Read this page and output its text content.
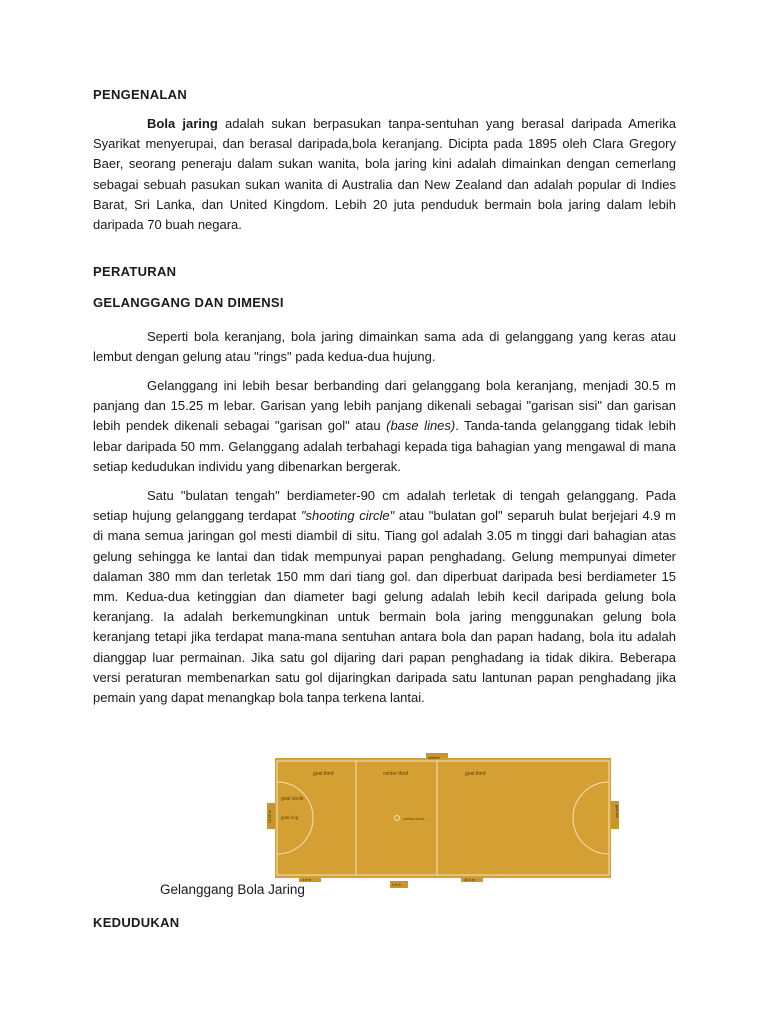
PENGENALAN

Bola jaring adalah sukan berpasukan tanpa-sentuhan yang berasal daripada Amerika Syarikat menyerupai, dan berasal daripada,bola keranjang. Dicipta pada 1895 oleh Clara Gregory Baer, seorang peneraju dalam sukan wanita, bola jaring kini adalah dimainkan dengan cemerlang sebagai sebuah pasukan sukan wanita di Australia dan New Zealand dan adalah popular di Indies Barat, Sri Lanka, dan United Kingdom. Lebih 20 juta penduduk bermain bola jaring dalam lebih daripada 70 buah negara.

PERATURAN
GELANGGANG DAN DIMENSI

Seperti bola keranjang, bola jaring dimainkan sama ada di gelanggang yang keras atau lembut dengan gelung atau "rings" pada kedua-dua hujung.

Gelanggang ini lebih besar berbanding dari gelanggang bola keranjang, menjadi 30.5 m panjang dan 15.25 m lebar. Garisan yang lebih panjang dikenali sebagai "garisan sisi" dan garisan lebih pendek dikenali sebagai "garisan gol" atau (base lines). Tanda-tanda gelanggang tidak lebih lebar daripada 50 mm. Gelanggang adalah terbahagi kepada tiga bahagian yang mengawal di mana setiap kedudukan individu yang dibenarkan bergerak.

Satu "bulatan tengah" berdiameter-90 cm adalah terletak di tengah gelanggang. Pada setiap hujung gelanggang terdapat "shooting circle" atau "bulatan gol" separuh bulat berjejari 4.9 m di mana semua jaringan gol mesti diambil di situ. Tiang gol adalah 3.05 m tinggi dari bahagian atas gelung sehingga ke lantai dan tidak mempunyai papan penghadang. Gelung mempunyai dimeter dalaman 380 mm dan terletak 150 mm dari tiang gol. dan diperbuat daripada besi berdiameter 15 mm. Kedua-dua ketinggian dan diameter bagi gelung adalah lebih kecil daripada gelung bola keranjang. Ia adalah berkemungkinan untuk bermain bola jaring menggunakan gelung bola keranjang tetapi jika terdapat mana-mana sentuhan antara bola dan papan hadang, bola itu adalah dianggap luar permainan. Jika satu gol dijaring dari papan penghadang ia tidak dikira. Beberapa versi peraturan membenarkan satu gol dijaringkan daripada satu lantunan papan penghadang jika pemain yang dapat menangkap bola tanpa terkena lantai.

goal third	center third	goal third
goal circle
goal ring	centre circle
sideline
15.25 m	goal line
4.9 m
0.9 m
30.5 m
Gelanggang Bola Jaring
KEDUDUKAN
